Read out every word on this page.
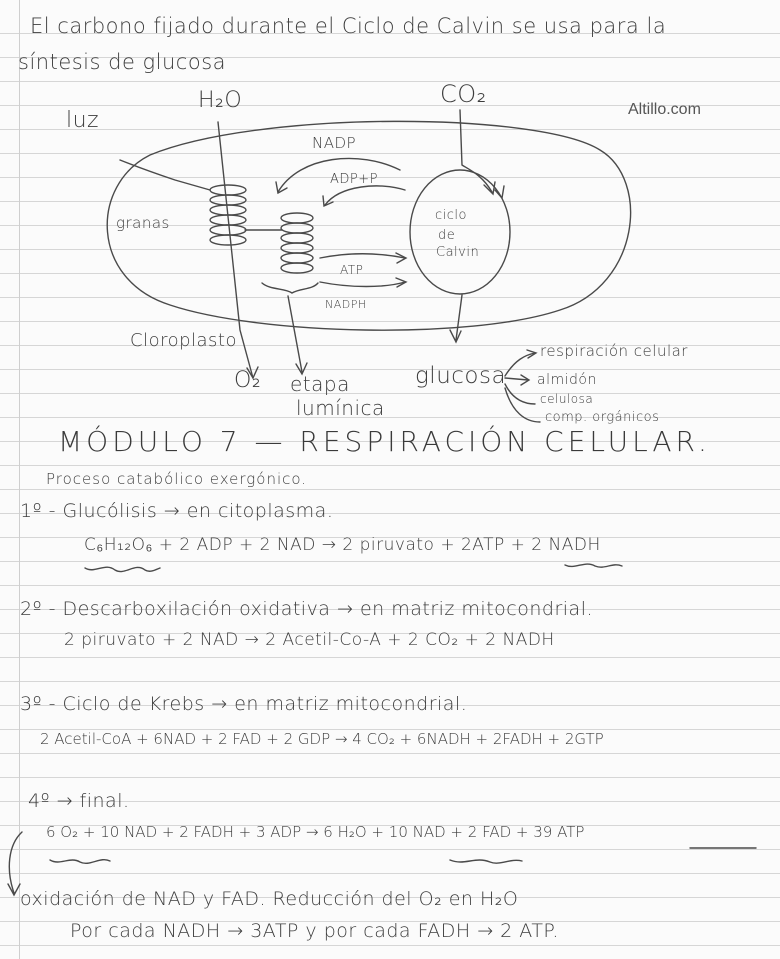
El carbono fijado durante el Ciclo de Calvin se usa para la
síntesis de glucosa
Altillo.com
luz
H₂O	CO₂
NADP
ADP+P
ATP
NADPH
granas	ciclo
de
Calvin
Cloroplasto
O₂ etapa
lumínica
glucosa
respiración celular
almidón
celulosa
comp. orgánicos
MÓDULO 7 — RESPIRACIÓN CELULAR.
Proceso catabólico exergónico.
1º - Glucólisis → en citoplasma.
C₆H₁₂O₆ + 2 ADP + 2 NAD → 2 piruvato + 2ATP + 2 NADH
2º - Descarboxilación oxidativa → en matriz mitocondrial.
2 piruvato + 2 NAD → 2 Acetil-Co-A + 2 CO₂ + 2 NADH
3º - Ciclo de Krebs → en matriz mitocondrial.
2 Acetil-CoA + 6NAD + 2 FAD + 2 GDP → 4 CO₂ + 6NADH + 2FADH + 2GTP
4º → final.
6 O₂ + 10 NAD + 2 FADH + 3 ADP → 6 H₂O + 10 NAD + 2 FAD + 39 ATP
oxidación de NAD y FAD. Reducción del O₂ en H₂O
Por cada NADH → 3ATP y por cada FADH → 2 ATP.
